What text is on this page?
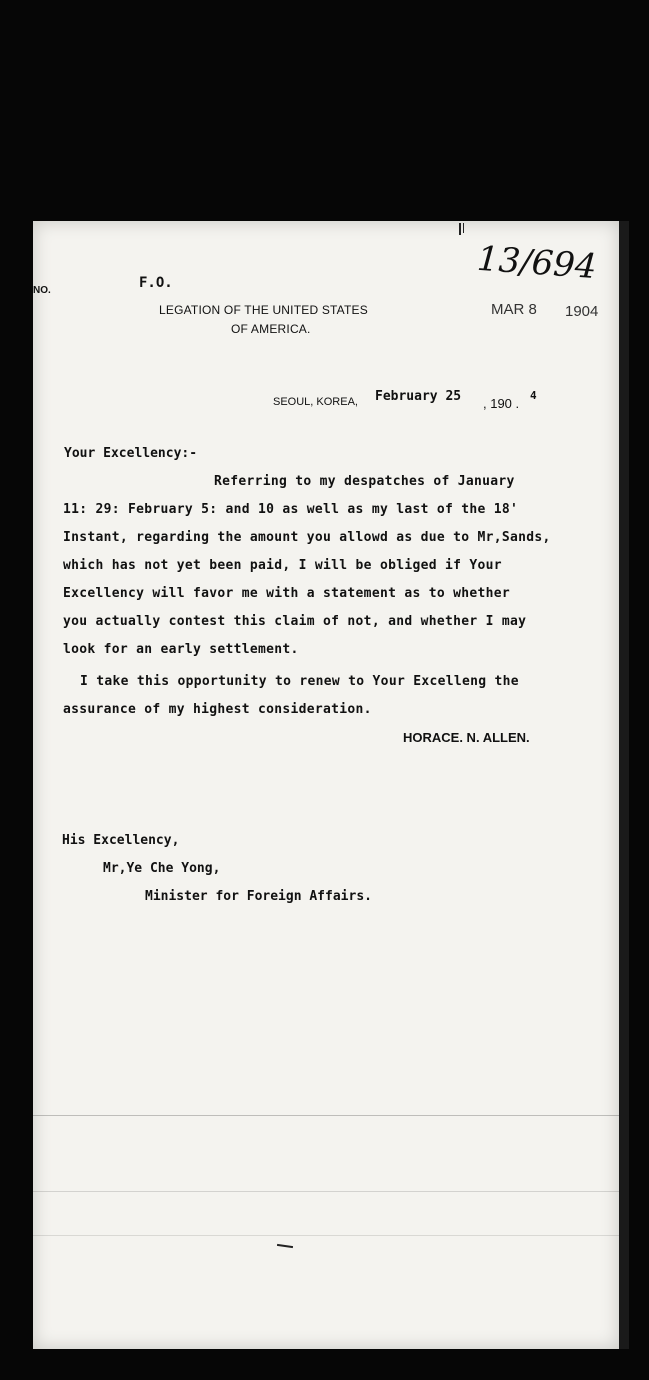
NO.	F.O.
LEGATION OF THE UNITED STATES
OF AMERICA.
13/694
MAR 8 1904
SEOUL, KOREA, February 25 , 190 .
4
Your Excellency:-
Referring to my despatches of January
11: 29: February 5: and 10 as well as my last of the 18'
Instant, regarding the amount you allowd as due to Mr,Sands,
which has not yet been paid, I will be obliged if Your
Excellency will favor me with a statement as to whether
you actually contest this claim of not, and whether I may
look for an early settlement.
I take this opportunity to renew to Your Excelleng the
assurance of my highest consideration.
HORACE. N. ALLEN.
His Excellency,
Mr,Ye Che Yong,
Minister for Foreign Affairs.
